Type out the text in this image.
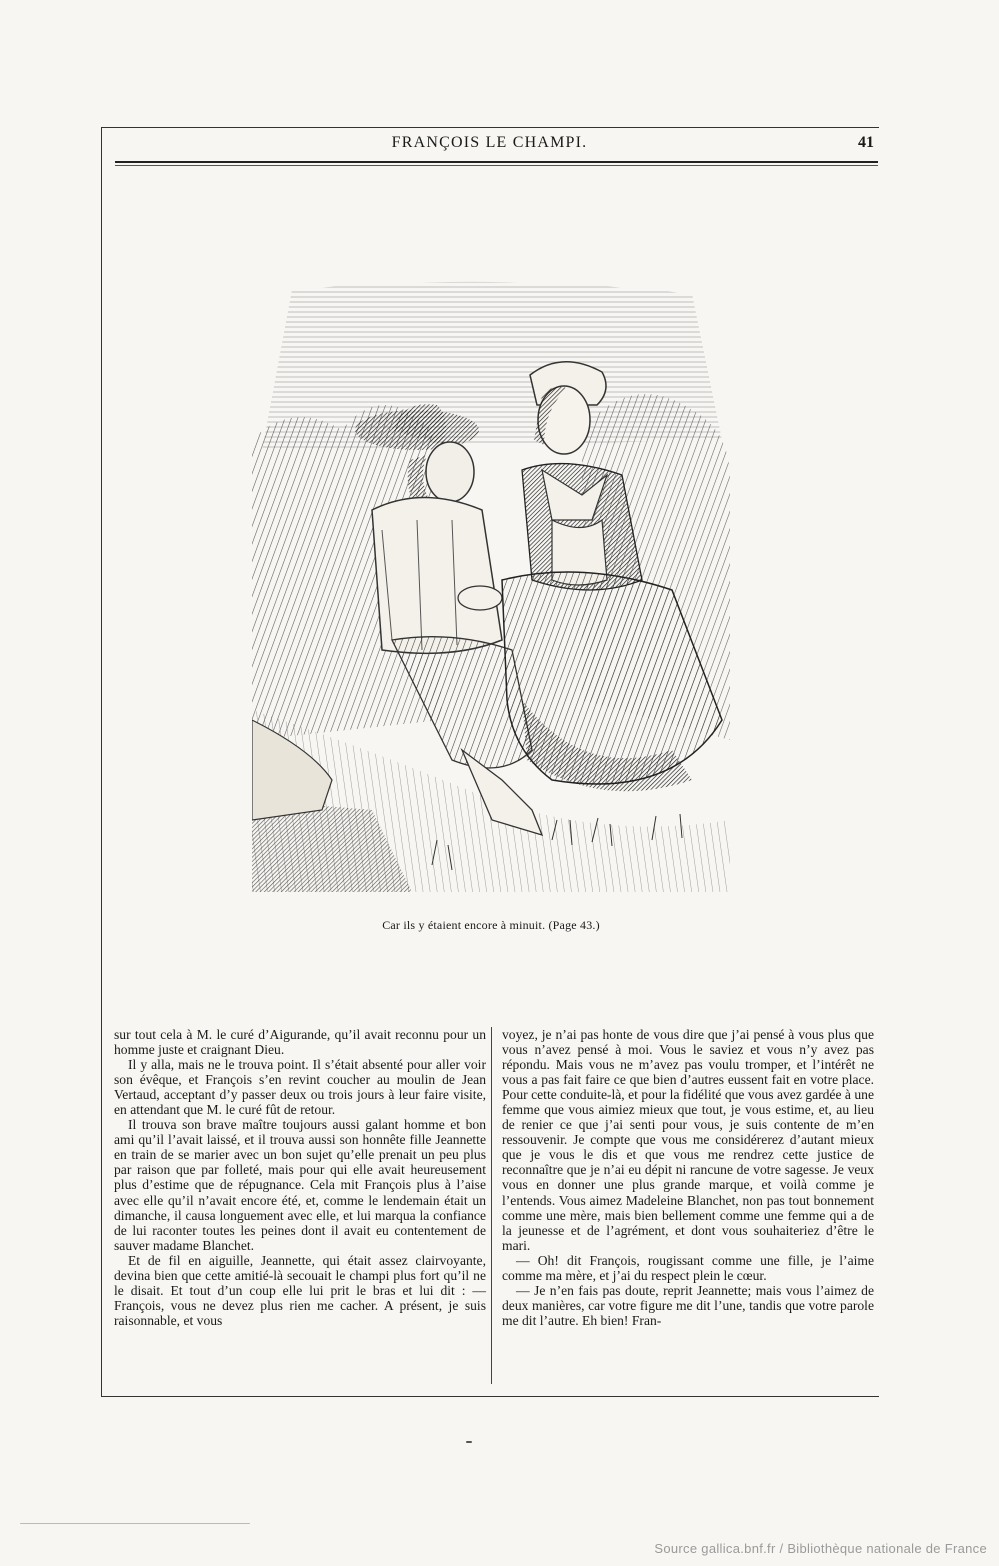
FRANÇOIS LE CHAMPI.	41
Car ils y étaient encore à minuit. (Page 43.)

sur tout cela à M. le curé d’Aigurande, qu’il avait reconnu pour un homme juste et craignant Dieu.

Il y alla, mais ne le trouva point. Il s’était absenté pour aller voir son évêque, et François s’en revint coucher au moulin de Jean Vertaud, acceptant d’y passer deux ou trois jours à leur faire visite, en attendant que M. le curé fût de retour.

Il trouva son brave maître toujours aussi galant homme et bon ami qu’il l’avait laissé, et il trouva aussi son honnête fille Jeannette en train de se marier avec un bon sujet qu’elle prenait un peu plus par raison que par folleté, mais pour qui elle avait heureusement plus d’estime que de répugnance. Cela mit François plus à l’aise avec elle qu’il n’avait encore été, et, comme le lendemain était un dimanche, il causa longuement avec elle, et lui marqua la confiance de lui raconter toutes les peines dont il avait eu contentement de sauver madame Blanchet.

Et de fil en aiguille, Jeannette, qui était assez clairvoyante, devina bien que cette amitié-là secouait le champi plus fort qu’il ne le disait. Et tout d’un coup elle lui prit le bras et lui dit : — François, vous ne devez plus rien me cacher. A présent, je suis raisonnable, et vous

voyez, je n’ai pas honte de vous dire que j’ai pensé à vous plus que vous n’avez pensé à moi. Vous le saviez et vous n’y avez pas répondu. Mais vous ne m’avez pas voulu tromper, et l’intérêt ne vous a pas fait faire ce que bien d’autres eussent fait en votre place. Pour cette conduite-là, et pour la fidélité que vous avez gardée à une femme que vous aimiez mieux que tout, je vous estime, et, au lieu de renier ce que j’ai senti pour vous, je suis contente de m’en ressouvenir. Je compte que vous me considérerez d’autant mieux que je vous le dis et que vous me rendrez cette justice de reconnaître que je n’ai eu dépit ni rancune de votre sagesse. Je veux vous en donner une plus grande marque, et voilà comme je l’entends. Vous aimez Madeleine Blanchet, non pas tout bonnement comme une mère, mais bien bellement comme une femme qui a de la jeunesse et de l’agrément, et dont vous souhaiteriez d’être le mari.

— Oh! dit François, rougissant comme une fille, je l’aime comme ma mère, et j’ai du respect plein le cœur.

— Je n’en fais pas doute, reprit Jeannette; mais vous l’aimez de deux manières, car votre figure me dit l’une, tandis que votre parole me dit l’autre. Eh bien! Fran-

Source gallica.bnf.fr / Bibliothèque nationale de France
